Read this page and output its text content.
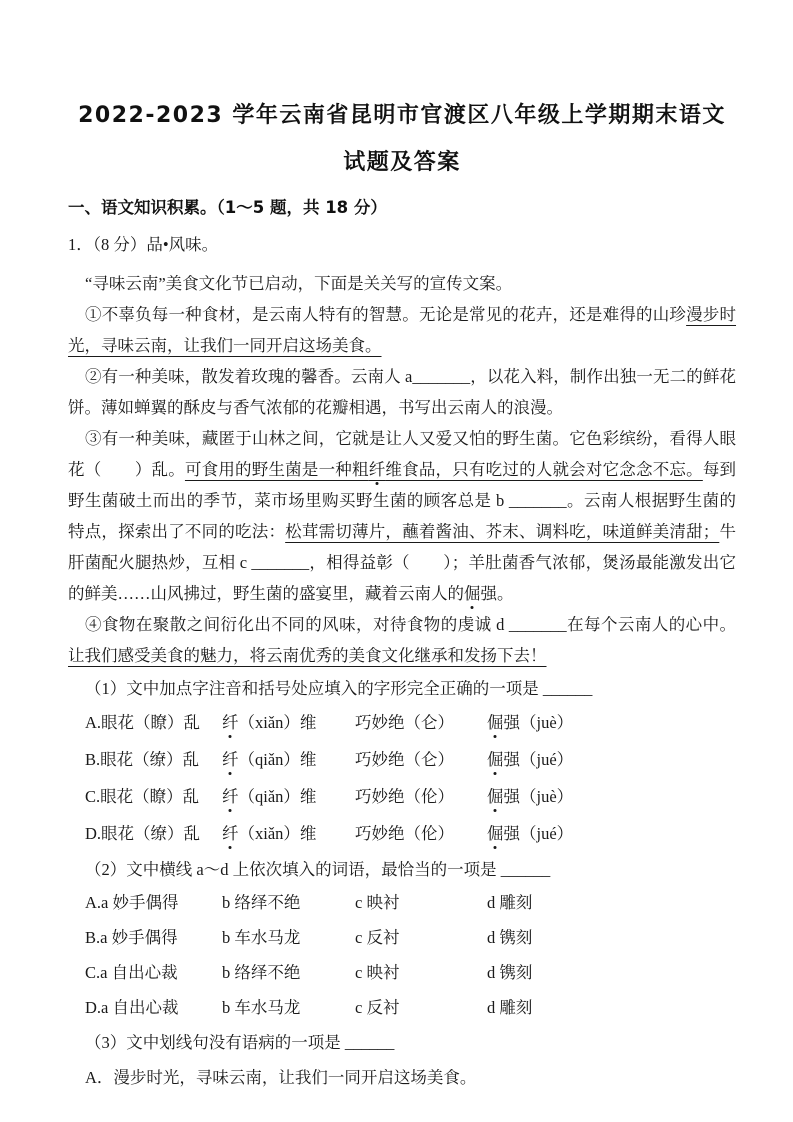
2022-2023 学年云南省昆明市官渡区八年级上学期期末语文试题及答案
一、语文知识积累。（1～5 题，共 18 分）

1．（8 分）品•风味。

“寻味云南”美食文化节已启动，下面是关关写的宣传文案。

①不辜负每一种食材，是云南人特有的智慧。无论是常见的花卉，还是难得的山珍漫步时光，寻味云南，让我们一同开启这场美食。

②有一种美味，散发着玫瑰的馨香。云南人 a_______，以花入料，制作出独一无二的鲜花饼。薄如蝉翼的酥皮与香气浓郁的花瓣相遇，书写出云南人的浪漫。

③有一种美味，藏匿于山林之间，它就是让人又爱又怕的野生菌。它色彩缤纷，看得人眼花（　　）乱。可食用的野生菌是一种粗纤维食品，只有吃过的人就会对它念念不忘。每到野生菌破土而出的季节，菜市场里购买野生菌的顾客总是 b _______。云南人根据野生菌的特点，探索出了不同的吃法：松茸需切薄片，蘸着酱油、芥末、调料吃，味道鲜美清甜；牛肝菌配火腿热炒，互相 c _______，相得益彰（　　）；羊肚菌香气浓郁，煲汤最能激发出它的鲜美……山风拂过，野生菌的盛宴里，藏着云南人的倔强。

④食物在聚散之间衍化出不同的风味，对待食物的虔诚 d _______在每个云南人的心中。让我们感受美食的魅力，将云南优秀的美食文化继承和发扬下去！

（1）文中加点字注音和括号处应填入的字形完全正确的一项是 ______

A.眼花（瞭）乱	纤（xiǎn）维	巧妙绝（仑）	倔强（juè）
B.眼花（缭）乱	纤（qiǎn）维	巧妙绝（仑）	倔强（jué）
C.眼花（瞭）乱	纤（qiǎn）维	巧妙绝（伦）	倔强（juè）
D.眼花（缭）乱	纤（xiǎn）维	巧妙绝（伦）	倔强（jué）

（2）文中横线 a～d 上依次填入的词语，最恰当的一项是 ______

A.a 妙手偶得	b 络绎不绝	c 映衬	d 雕刻
B.a 妙手偶得	b 车水马龙	c 反衬	d 镌刻
C.a 自出心裁	b 络绎不绝	c 映衬	d 镌刻
D.a 自出心裁	b 车水马龙	c 反衬	d 雕刻

（3）文中划线句没有语病的一项是 ______

A．漫步时光，寻味云南，让我们一同开启这场美食。
